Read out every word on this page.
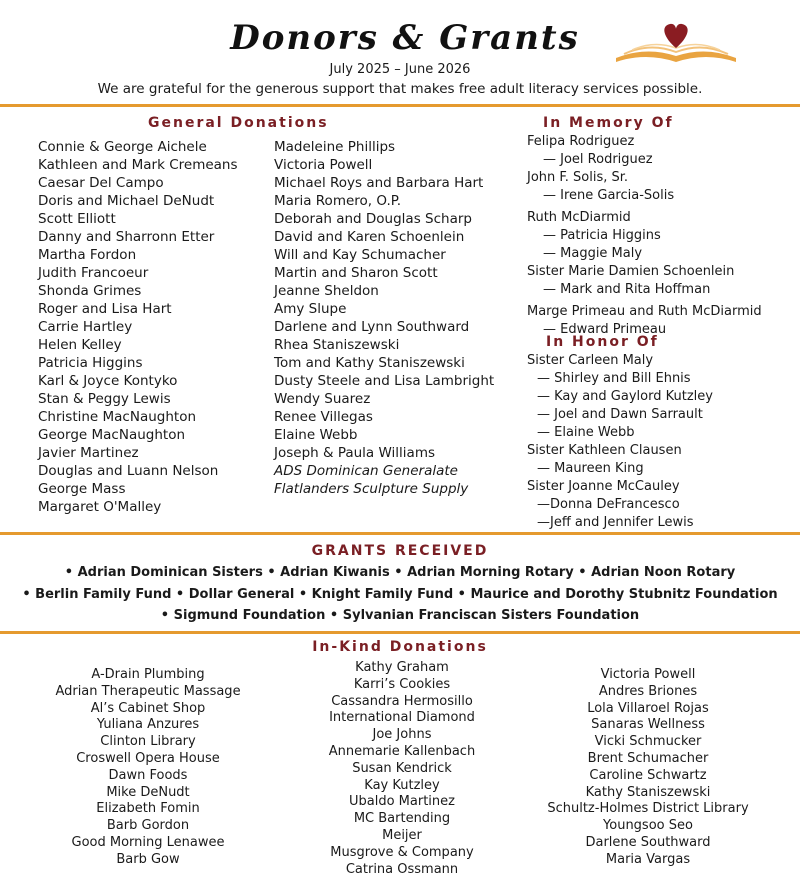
Donors & Grants
July 2025 – June 2026
We are grateful for the generous support that makes free adult literacy services possible.
General Donations
Connie & George Aichele
Kathleen and Mark Cremeans
Caesar Del Campo
Doris and Michael DeNudt
Scott Elliott
Danny and Sharronn Etter
Martha Fordon
Judith Francoeur
Shonda Grimes
Roger and Lisa Hart
Carrie Hartley
Helen Kelley
Patricia Higgins
Karl & Joyce Kontyko
Stan & Peggy Lewis
Christine MacNaughton
George MacNaughton
Javier Martinez
Douglas and Luann Nelson
George Mass
Margaret O'Malley
Madeleine Phillips
Victoria Powell
Michael Roys and Barbara Hart
Maria Romero, O.P.
Deborah and Douglas Scharp
David and Karen Schoenlein
Will and Kay Schumacher
Martin and Sharon Scott
Jeanne Sheldon
Amy Slupe
Darlene and Lynn Southward
Rhea Staniszewski
Tom and Kathy Staniszewski
Dusty Steele and Lisa Lambright
Wendy Suarez
Renee Villegas
Elaine Webb
Joseph & Paula Williams
ADS Dominican Generalate
Flatlanders Sculpture Supply
In Memory Of
Felipa Rodriguez
— Joel Rodriguez
John F. Solis, Sr.
— Irene Garcia-Solis
Ruth McDiarmid
— Patricia Higgins
— Maggie Maly
Sister Marie Damien Schoenlein
— Mark and Rita Hoffman
Marge Primeau and Ruth McDiarmid
— Edward Primeau
In Honor Of
Sister Carleen Maly
— Shirley and Bill Ehnis
— Kay and Gaylord Kutzley
— Joel and Dawn Sarrault
— Elaine Webb
Sister Kathleen Clausen
— Maureen King
Sister Joanne McCauley
—Donna DeFrancesco
—Jeff and Jennifer Lewis
GRANTS RECEIVED
• Adrian Dominican Sisters • Adrian Kiwanis • Adrian Morning Rotary • Adrian Noon Rotary
• Berlin Family Fund • Dollar General • Knight Family Fund • Maurice and Dorothy Stubnitz Foundation
• Sigmund Foundation • Sylvanian Franciscan Sisters Foundation
In-Kind Donations
A-Drain Plumbing
Adrian Therapeutic Massage
Al’s Cabinet Shop
Yuliana Anzures
Clinton Library
Croswell Opera House
Dawn Foods
Mike DeNudt
Elizabeth Fomin
Barb Gordon
Good Morning Lenawee
Barb Gow
Kathy Graham
Karri’s Cookies
Cassandra Hermosillo
International Diamond
Joe Johns
Annemarie Kallenbach
Susan Kendrick
Kay Kutzley
Ubaldo Martinez
MC Bartending
Meijer
Musgrove & Company
Catrina Ossmann
Victoria Powell
Andres Briones
Lola Villaroel Rojas
Sanaras Wellness
Vicki Schmucker
Brent Schumacher
Caroline Schwartz
Kathy Staniszewski
Schultz-Holmes District Library
Youngsoo Seo
Darlene Southward
Maria Vargas
